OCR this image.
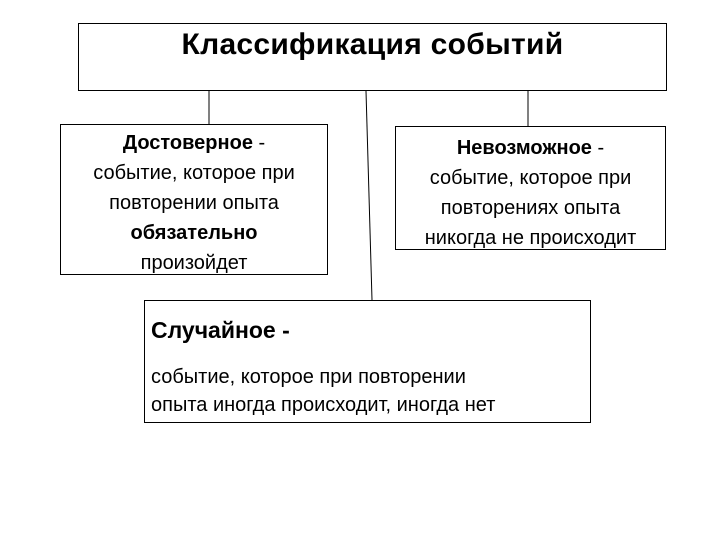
Классификация событий
Достоверное -
событие, которое при
повторении опыта
обязательно
произойдет
Невозможное -
событие, которое при
повторениях опыта
никогда не происходит
Случайное -
событие, которое при повторении
опыта иногда происходит, иногда нет
